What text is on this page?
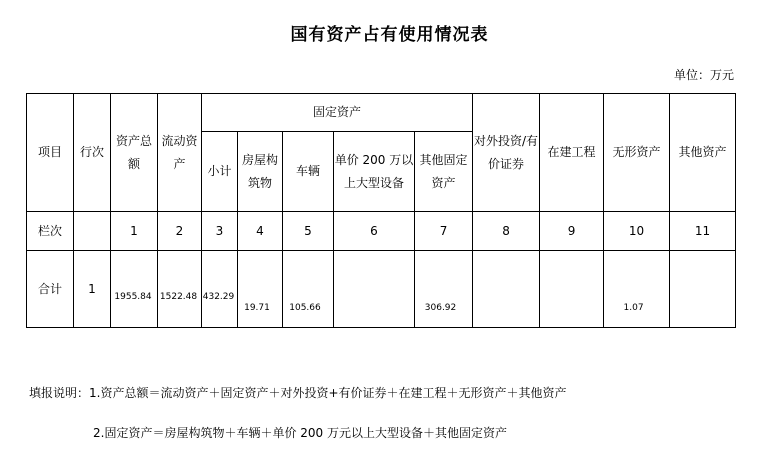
国有资产占有使用情况表
单位：万元
项目	行次	资产总额	流动资产	固定资产					对外投资/有价证券	在建工程	无形资产	其他资产
				小计	房屋构筑物	车辆	单价 200 万以上大型设备	其他固定资产				
栏次		1	2	3	4	5	6	7	8	9	10	11
合计	1	1955.84	1522.48	432.29	19.71	105.66		306.92			1.07	
填报说明：1.资产总额＝流动资产＋固定资产＋对外投资+有价证券＋在建工程＋无形资产＋其他资产
2.固定资产＝房屋构筑物＋车辆＋单价 200 万元以上大型设备＋其他固定资产
